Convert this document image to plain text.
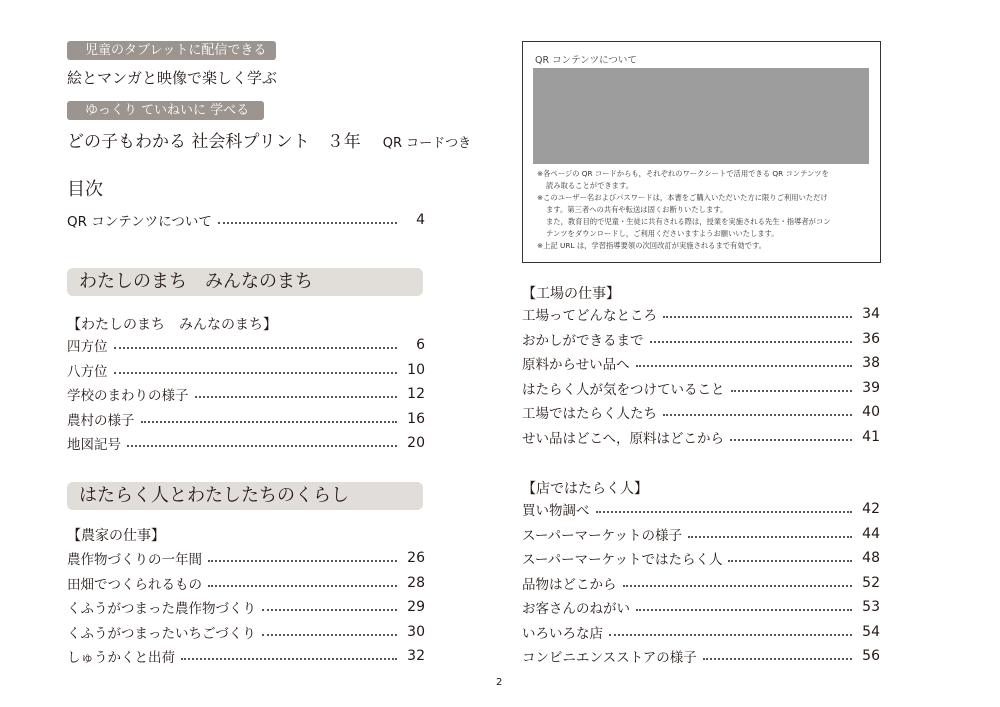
児童のタブレットに配信できる
絵とマンガと映像で楽しく学ぶ
ゆっくり ていねいに 学べる
どの子もわかる 社会科プリント　３年 QR コードつき
目次
QR コンテンツについて	4
わたしのまち　みんなのまち
【わたしのまち　みんなのまち】
四方位	6
八方位	10
学校のまわりの様子	12
農村の様子	16
地図記号	20
はたらく人とわたしたちのくらし
【農家の仕事】
農作物づくりの一年間	26
田畑でつくられるもの	28
くふうがつまった農作物づくり	29
くふうがつまったいちごづくり	30
しゅうかくと出荷	32
QR コンテンツについて

※各ページの QR コードからも，それぞれのワークシートで活用できる QR コンテンツを

読み取ることができます。

※このユーザー名およびパスワードは，本書をご購入いただいた方に限りご利用いただけ

ます。第三者への共有や転送は固くお断りいたします。

また，教育目的で児童・生徒に共有される際は，授業を実施される先生・指導者がコン

テンツをダウンロードし，ご利用くださいますようお願いいたします。

※上記 URL は，学習指導要領の次回改訂が実施されるまで有効です。

【工場の仕事】
工場ってどんなところ	34
おかしができるまで	36
原料からせい品へ	38
はたらく人が気をつけていること	39
工場ではたらく人たち	40
せい品はどこへ，原料はどこから	41
【店ではたらく人】
買い物調べ	42
スーパーマーケットの様子	44
スーパーマーケットではたらく人	48
品物はどこから	52
お客さんのねがい	53
いろいろな店	54
コンビニエンスストアの様子	56
2
